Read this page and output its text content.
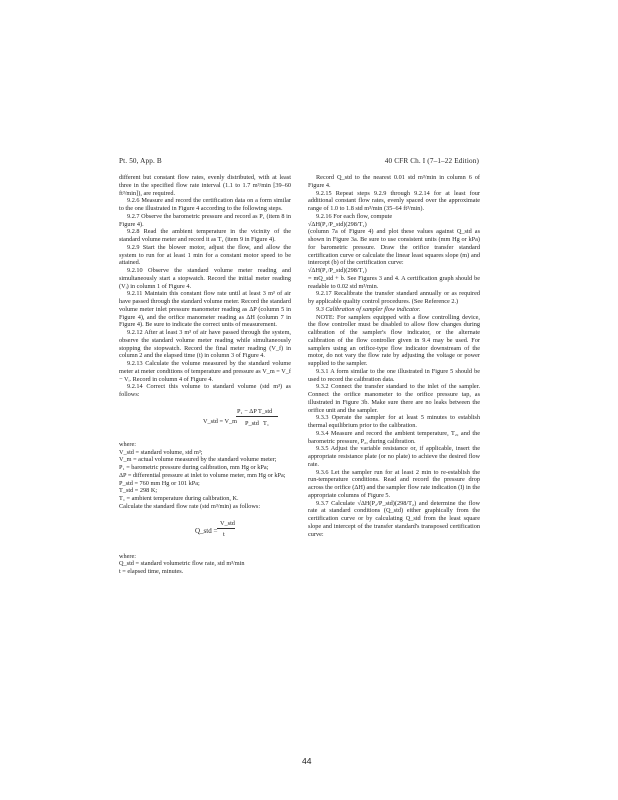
Pt. 50, App. B	40 CFR Ch. I (7–1–22 Edition)

different but constant flow rates, evenly distributed, with at least three in the specified flow rate interval (1.1 to 1.7 m³/min [39–60 ft³/min]), are required.

9.2.6 Measure and record the certification data on a form similar to the one illustrated in Figure 4 according to the following steps.

9.2.7 Observe the barometric pressure and record as P₁ (item 8 in Figure 4).

9.2.8 Read the ambient temperature in the vicinity of the standard volume meter and record it as T₁ (item 9 in Figure 4).

9.2.9 Start the blower motor, adjust the flow, and allow the system to run for at least 1 min for a constant motor speed to be attained.

9.2.10 Observe the standard volume meter reading and simultaneously start a stopwatch. Record the initial meter reading (Vᵢ) in column 1 of Figure 4.

9.2.11 Maintain this constant flow rate until at least 3 m³ of air have passed through the standard volume meter. Record the standard volume meter inlet pressure manometer reading as ΔP (column 5 in Figure 4), and the orifice manometer reading as ΔH (column 7 in Figure 4). Be sure to indicate the correct units of measurement.

9.2.12 After at least 3 m³ of air have passed through the system, observe the standard volume meter reading while simultaneously stopping the stopwatch. Record the final meter reading (V_f) in column 2 and the elapsed time (t) in column 3 of Figure 4.

9.2.13 Calculate the volume measured by the standard volume meter at meter conditions of temperature and pressure as V_m = V_f − Vᵢ. Record in column 4 of Figure 4.

9.2.14 Correct this volume to standard volume (std m³) as follows:

V_std = V_m
P₁ − ΔP T_std
P_std T₁

where:

V_std = standard volume, std m³;

V_m = actual volume measured by the standard volume meter;

P₁ = barometric pressure during calibration, mm Hg or kPa;

ΔP = differential pressure at inlet to volume meter, mm Hg or kPa;

P_std = 760 mm Hg or 101 kPa;

T_std = 298 K;

T₁ = ambient temperature during calibration, K.

Calculate the standard flow rate (std m³/min) as follows:

Q_std =
V_std
t

where:

Q_std = standard volumetric flow rate, std m³/min

t = elapsed time, minutes.

Record Q_std to the nearest 0.01 std m³/min in column 6 of Figure 4.

9.2.15 Repeat steps 9.2.9 through 9.2.14 for at least four additional constant flow rates, evenly spaced over the approximate range of 1.0 to 1.8 std m³/min (35–64 ft³/min).

9.2.16 For each flow, compute

√ΔH(P₁/P_std)(298/T₁)

(column 7a of Figure 4) and plot these values against Q_std as shown in Figure 3a. Be sure to use consistent units (mm Hg or kPa) for barometric pressure. Draw the orifice transfer standard certification curve or calculate the linear least squares slope (m) and intercept (b) of the certification curve:

√ΔH(P₁/P_std)(298/T₁)

= mQ_std + b. See Figures 3 and 4. A certification graph should be readable to 0.02 std m³/min.

9.2.17 Recalibrate the transfer standard annually or as required by applicable quality control procedures. (See Reference 2.)

9.3 Calibration of sampler flow indicator.

NOTE: For samplers equipped with a flow controlling device, the flow controller must be disabled to allow flow changes during calibration of the sampler's flow indicator, or the alternate calibration of the flow controller given in 9.4 may be used. For samplers using an orifice-type flow indicator downstream of the motor, do not vary the flow rate by adjusting the voltage or power supplied to the sampler.

9.3.1 A form similar to the one illustrated in Figure 5 should be used to record the calibration data.

9.3.2 Connect the transfer standard to the inlet of the sampler. Connect the orifice manometer to the orifice pressure tap, as illustrated in Figure 3b. Make sure there are no leaks between the orifice unit and the sampler.

9.3.3 Operate the sampler for at least 5 minutes to establish thermal equilibrium prior to the calibration.

9.3.4 Measure and record the ambient temperature, T₂, and the barometric pressure, P₂, during calibration.

9.3.5 Adjust the variable resistance or, if applicable, insert the appropriate resistance plate (or no plate) to achieve the desired flow rate.

9.3.6 Let the sampler run for at least 2 min to re-establish the run-temperature conditions. Read and record the pressure drop across the orifice (ΔH) and the sampler flow rate indication (I) in the appropriate columns of Figure 5.

9.3.7 Calculate √ΔH(P₂/P_std)(298/T₂) and determine the flow rate at standard conditions (Q_std) either graphically from the certification curve or by calculating Q_std from the least square slope and intercept of the transfer standard's transposed certification curve:

44
